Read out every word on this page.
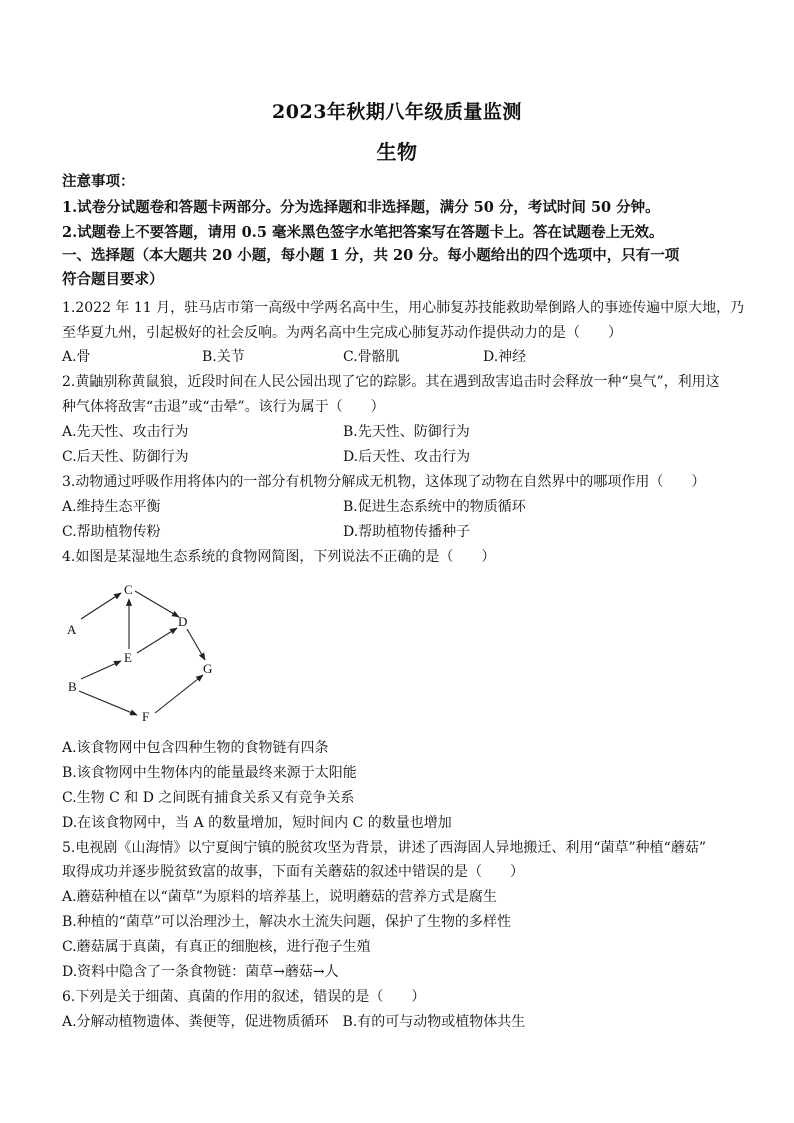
2023年秋期八年级质量监测
生物
注意事项：
1.试卷分试题卷和答题卡两部分。分为选择题和非选择题，满分 50 分，考试时间 50 分钟。
2.试题卷上不要答题，请用 0.5 毫米黑色签字水笔把答案写在答题卡上。答在试题卷上无效。
一、选择题（本大题共 20 小题，每小题 1 分，共 20 分。每小题给出的四个选项中，只有一项
符合题目要求）
1.2022 年 11 月，驻马店市第一高级中学两名高中生，用心肺复苏技能救助晕倒路人的事迹传遍中原大地，乃
至华夏九州，引起极好的社会反响。为两名高中生完成心肺复苏动作提供动力的是（　　）
A.骨	B.关节	C.骨骼肌	D.神经
2.黄鼬别称黄鼠狼，近段时间在人民公园出现了它的踪影。其在遇到敌害追击时会释放一种“臭气”，利用这
种气体将敌害“击退”或“击晕”。该行为属于（　　）
A.先天性、攻击行为	B.先天性、防御行为
C.后天性、防御行为	D.后天性、攻击行为
3.动物通过呼吸作用将体内的一部分有机物分解成无机物，这体现了动物在自然界中的哪项作用（　　）
A.维持生态平衡	B.促进生态系统中的物质循环
C.帮助植物传粉	D.帮助植物传播种子
4.如图是某湿地生态系统的食物网简图，下列说法不正确的是（　　）
A
C
D
E
G
B
F
A.该食物网中包含四种生物的食物链有四条
B.该食物网中生物体内的能量最终来源于太阳能
C.生物 C 和 D 之间既有捕食关系又有竞争关系
D.在该食物网中，当 A 的数量增加，短时间内 C 的数量也增加
5.电视剧《山海情》以宁夏闽宁镇的脱贫攻坚为背景，讲述了西海固人异地搬迁、利用“菌草”种植“蘑菇”
取得成功并逐步脱贫致富的故事，下面有关蘑菇的叙述中错误的是（　　）
A.蘑菇种植在以“菌草”为原料的培养基上，说明蘑菇的营养方式是腐生
B.种植的“菌草”可以治理沙土，解决水土流失问题，保护了生物的多样性
C.蘑菇属于真菌，有真正的细胞核，进行孢子生殖
D.资料中隐含了一条食物链：菌草→蘑菇→人
6.下列是关于细菌、真菌的作用的叙述，错误的是（　　）
A.分解动植物遗体、粪便等，促进物质循环　B.有的可与动物或植物体共生
